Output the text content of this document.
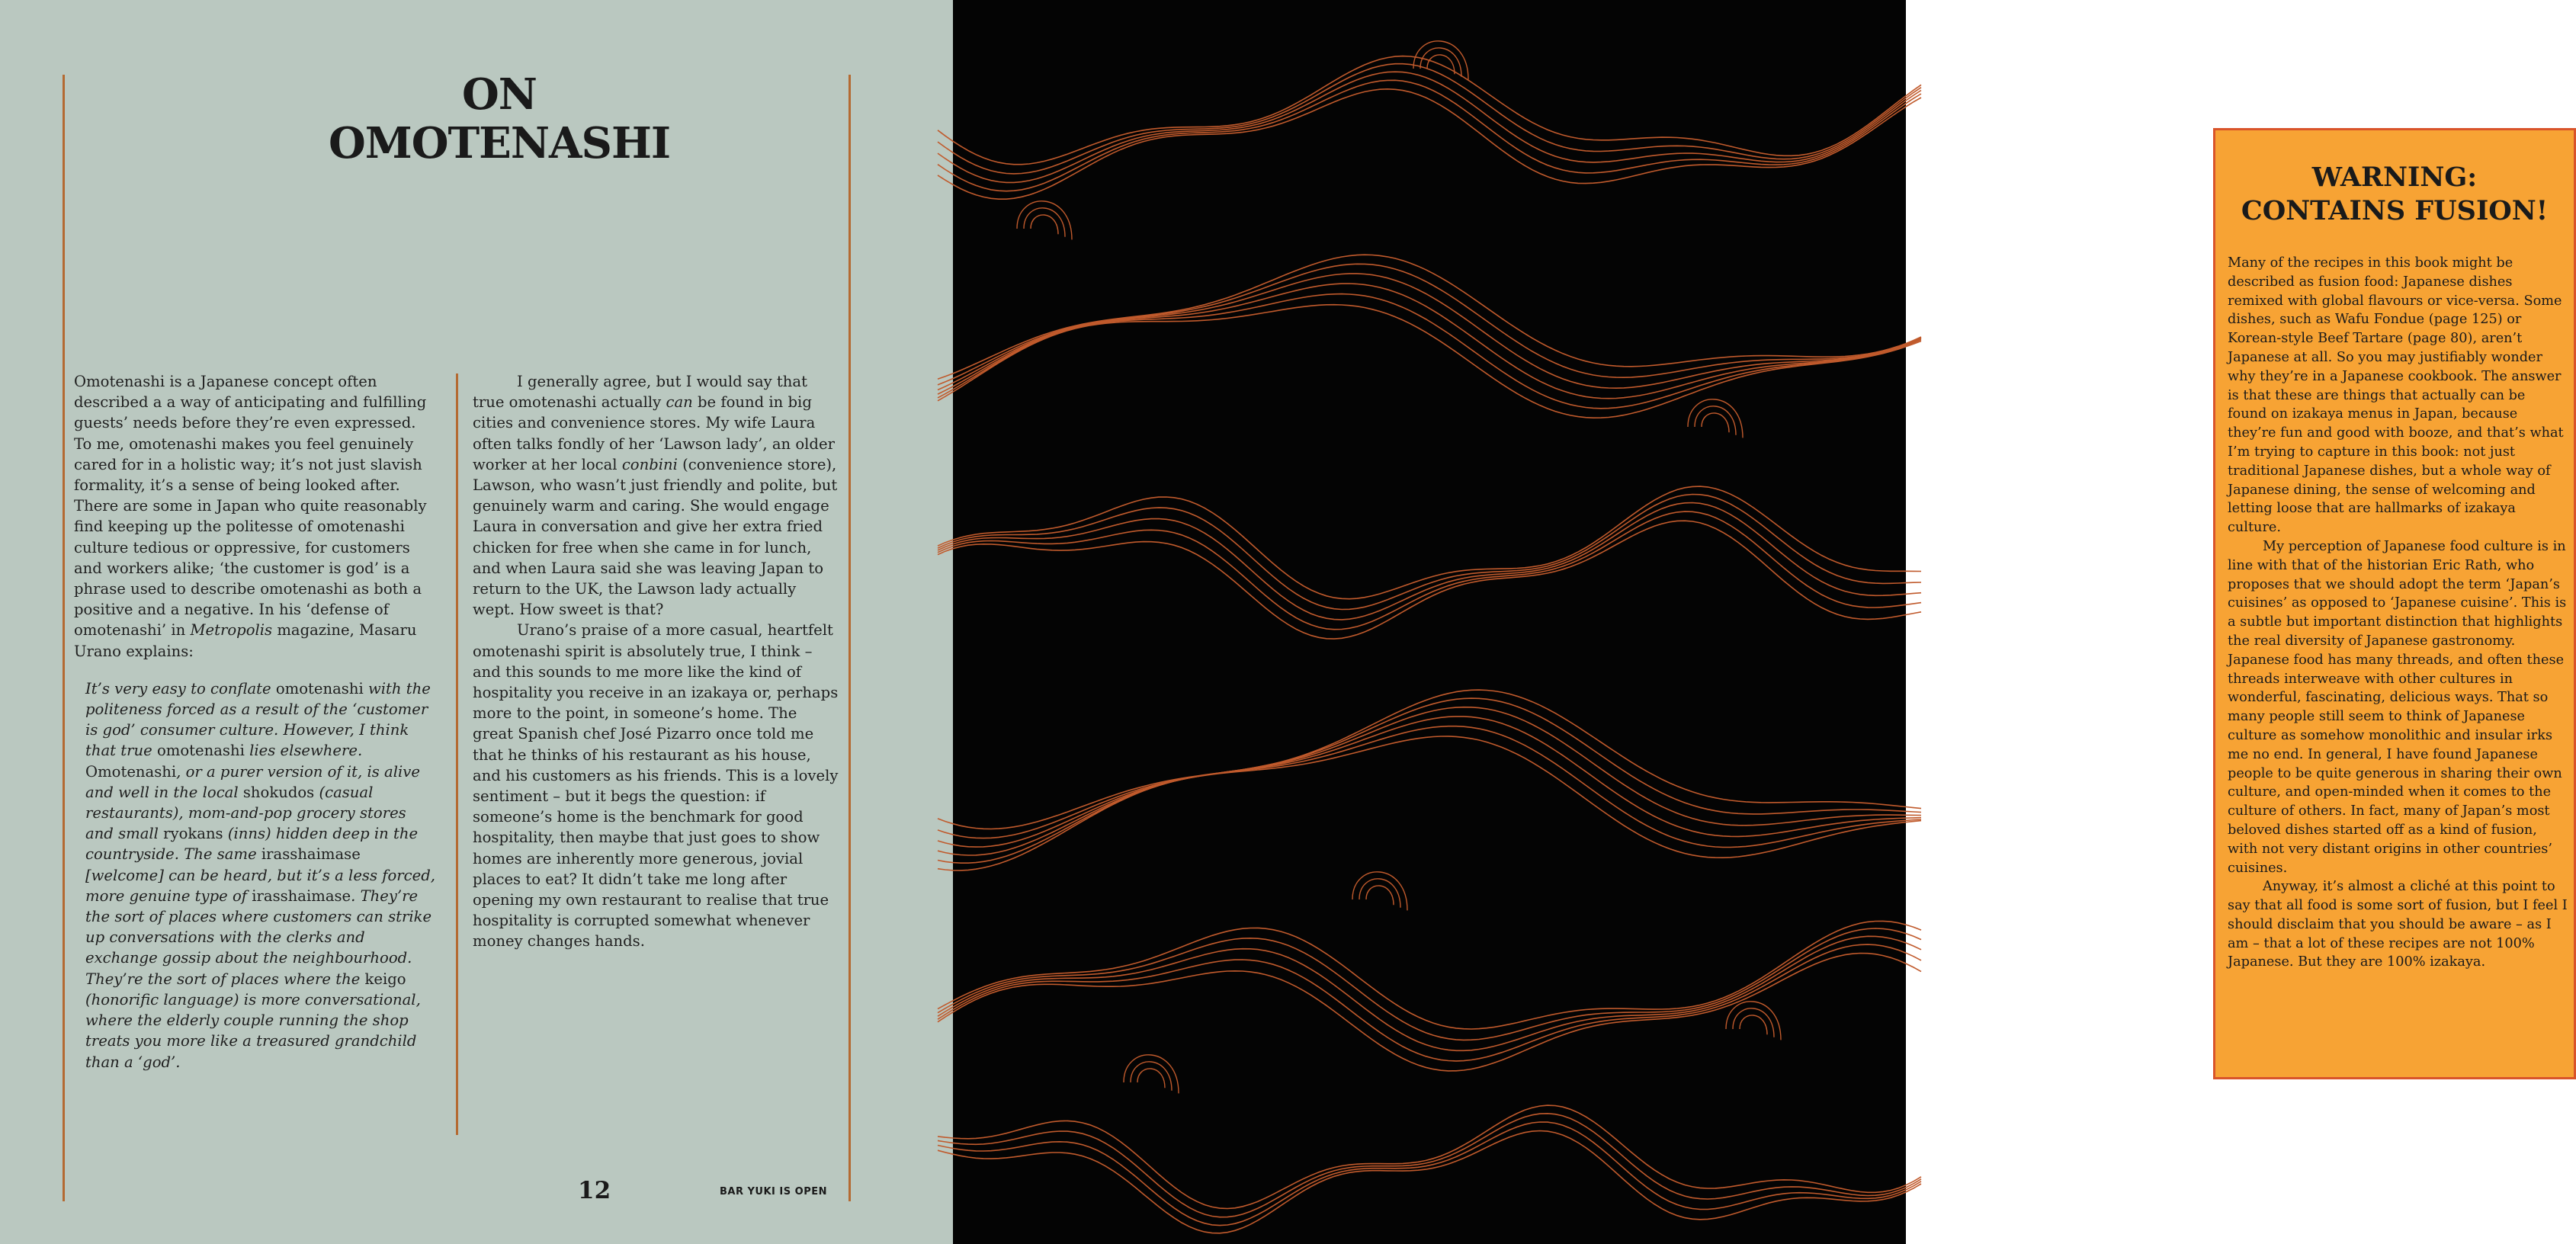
ON
OMOTENASHI

Omotenashi is a Japanese concept often described a a way of anticipating and fulfilling guests’ needs before they’re even expressed. To me, omotenashi makes you feel genuinely cared for in a holistic way; it’s not just slavish formality, it’s a sense of being looked after. There are some in Japan who quite reasonably find keeping up the politesse of omotenashi culture tedious or oppressive, for customers and workers alike; ‘the customer is god’ is a phrase used to describe omotenashi as both a positive and a negative. In his ‘defense of omotenashi’ in Metropolis magazine, Masaru Urano explains:

It’s very easy to conflate omotenashi with the politeness forced as a result of the ‘customer is god’ consumer culture. However, I think that true omotenashi lies elsewhere. Omotenashi, or a purer version of it, is alive and well in the local shokudos (casual restaurants), mom-and-pop grocery stores and small ryokans (inns) hidden deep in the countryside. The same irasshaimase [welcome] can be heard, but it’s a less forced, more genuine type of irasshaimase. They’re the sort of places where customers can strike up conversations with the clerks and exchange gossip about the neighbourhood. They’re the sort of places where the keigo (honorific language) is more conversational, where the elderly couple running the shop treats you more like a treasured grandchild than a ‘god’.

I generally agree, but I would say that true omotenashi actually can be found in big cities and convenience stores. My wife Laura often talks fondly of her ‘Lawson lady’, an older worker at her local conbini (convenience store), Lawson, who wasn’t just friendly and polite, but genuinely warm and caring. She would engage Laura in conversation and give her extra fried chicken for free when she came in for lunch, and when Laura said she was leaving Japan to return to the UK, the Lawson lady actually wept. How sweet is that?

Urano’s praise of a more casual, heartfelt omotenashi spirit is absolutely true, I think – and this sounds to me more like the kind of hospitality you receive in an izakaya or, perhaps more to the point, in someone’s home. The great Spanish chef José Pizarro once told me that he thinks of his restaurant as his house, and his customers as his friends. This is a lovely sentiment – but it begs the question: if someone’s home is the benchmark for good hospitality, then maybe that just goes to show homes are inherently more generous, jovial places to eat? It didn’t take me long after opening my own restaurant to realise that true hospitality is corrupted somewhat whenever money changes hands.

12	BAR YUKI IS OPEN
WARNING:
CONTAINS FUSION!

Many of the recipes in this book might be described as fusion food: Japanese dishes remixed with global flavours or vice-versa. Some dishes, such as Wafu Fondue (page 125) or Korean-style Beef Tartare (page 80), aren’t Japanese at all. So you may justifiably wonder why they’re in a Japanese cookbook. The answer is that these are things that actually can be found on izakaya menus in Japan, because they’re fun and good with booze, and that’s what I’m trying to capture in this book: not just traditional Japanese dishes, but a whole way of Japanese dining, the sense of welcoming and letting loose that are hallmarks of izakaya culture.

My perception of Japanese food culture is in line with that of the historian Eric Rath, who proposes that we should adopt the term ‘Japan’s cuisines’ as opposed to ‘Japanese cuisine’. This is a subtle but important distinction that highlights the real diversity of Japanese gastronomy. Japanese food has many threads, and often these threads interweave with other cultures in wonderful, fascinating, delicious ways. That so many people still seem to think of Japanese culture as somehow monolithic and insular irks me no end. In general, I have found Japanese people to be quite generous in sharing their own culture, and open-minded when it comes to the culture of others. In fact, many of Japan’s most beloved dishes started off as a kind of fusion, with not very distant origins in other countries’ cuisines.

Anyway, it’s almost a cliché at this point to say that all food is some sort of fusion, but I feel I should disclaim that you should be aware – as I am – that a lot of these recipes are not 100% Japanese. But they are 100% izakaya.
